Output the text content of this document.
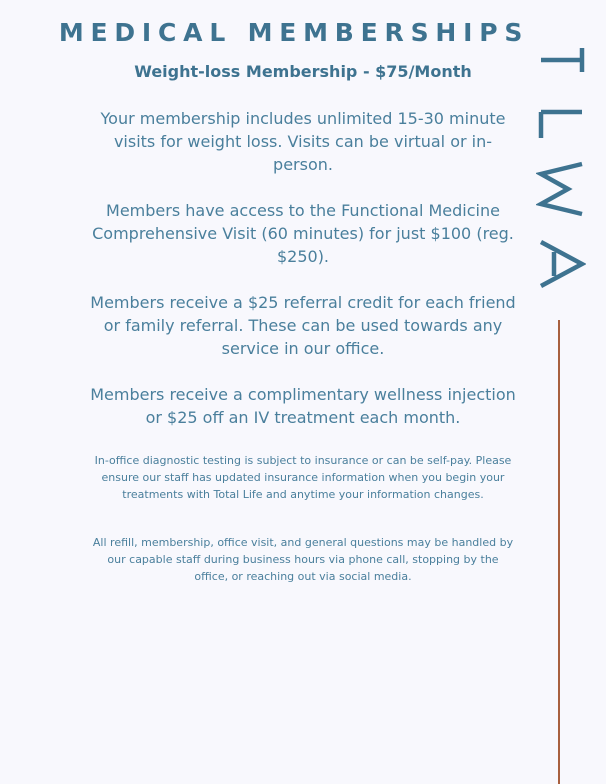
MEDICAL MEMBERSHIPS
Weight-loss Membership - $75/Month

Your membership includes unlimited 15-30 minute visits for weight loss. Visits can be virtual or in-person.

Members have access to the Functional Medicine Comprehensive Visit (60 minutes) for just $100 (reg. $250).

Members receive a $25 referral credit for each friend or family referral. These can be used towards any service in our office.

Members receive a complimentary wellness injection or $25 off an IV treatment each month.

In-office diagnostic testing is subject to insurance or can be self-pay. Please ensure our staff has updated insurance information when you begin your treatments with Total Life and anytime your information changes.

All refill, membership, office visit, and general questions may be handled by our capable staff during business hours via phone call, stopping by the office, or reaching out via social media.

TLWA
